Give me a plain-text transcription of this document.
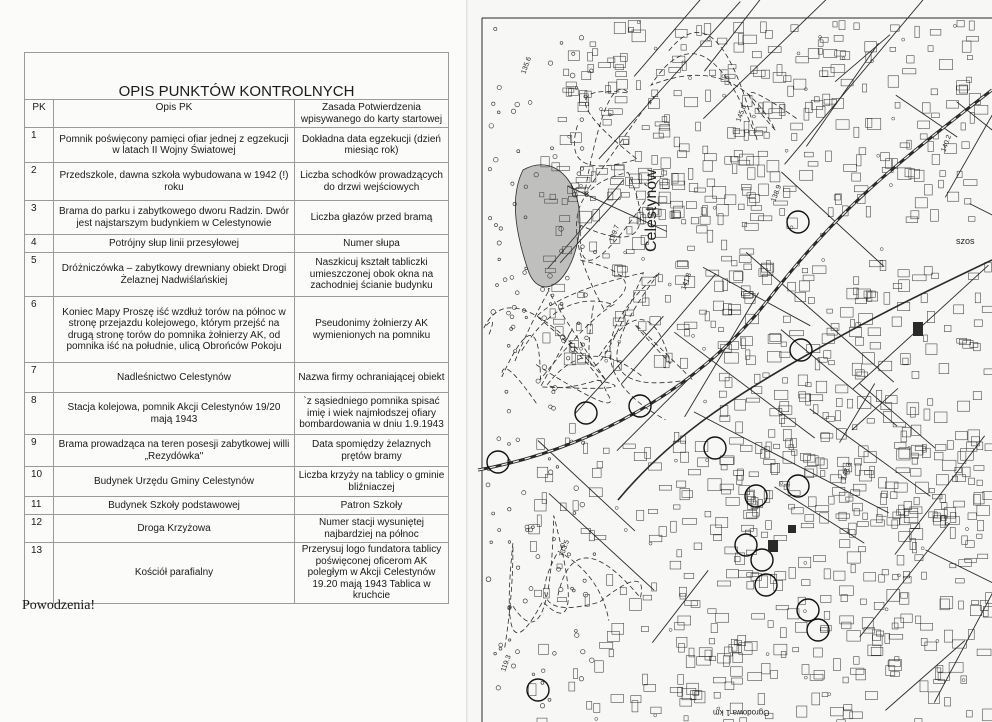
OPIS PUNKTÓW KONTROLNYCH		
PK	Opis PK	Zasada Potwierdzenia wpisywanego do karty startowej
1	Pomnik poświęcony pamięci ofiar jednej z egzekucji w latach II Wojny Światowej	Dokładna data egzekucji (dzień miesiąc rok)
2	Przedszkole, dawna szkoła wybudowana w 1942 (!) roku	Liczba schodków prowadzących do drzwi wejściowych
3	Brama do parku i zabytkowego dworu Radzin. Dwór jest najstarszym budynkiem w Celestynowie	Liczba głazów przed bramą
4	Potrójny słup linii przesyłowej	Numer słupa
5	Dróżniczówka – zabytkowy drewniany obiekt Drogi Żelaznej Nadwiślańskiej	Naszkicuj kształt tabliczki umieszczonej obok okna na zachodniej ścianie budynku
6	Koniec Mapy Proszę iść wzdłuż torów na północ w stronę przejazdu kolejowego, którym przejść na drugą stronę torów do pomnika żołnierzy AK, od pomnika iść na południe, ulicą Obrońców Pokoju	Pseudonimy żołnierzy AK wymienionych na pomniku
7	Nadleśnictwo Celestynów	Nazwa firmy ochraniającej obiekt
8	Stacja kolejowa, pomnik Akcji Celestynów 19/20 mają 1943	`z sąsiedniego pomnika spisać imię i wiek najmłodszej ofiary bombardowania w dniu 1.9.1943
9	Brama prowadząca na teren posesji zabytkowej willi „Rezydówka"	Data spomiędzy żelaznych prętów bramy
10	Budynek Urzędu Gminy Celestynów	Liczba krzyży na tablicy o gminie bliźniaczej
11	Budynek Szkoły podstawowej	Patron Szkoły
12	Droga Krzyżowa	Numer stacji wysuniętej najbardziej na północ
13	Kościół parafialny	Przerysuj logo fundatora tablicy poświęconej oficerom AK poległym w Akcji Celestynów 19.20 mają 1943 Tablica w kruchcie
Powodzenia!
Celestynów
Ogrodowa 1 km
szos
135.6
145.6
139.7
141.8
133.5
119.3
142.3
138.9
140.2
